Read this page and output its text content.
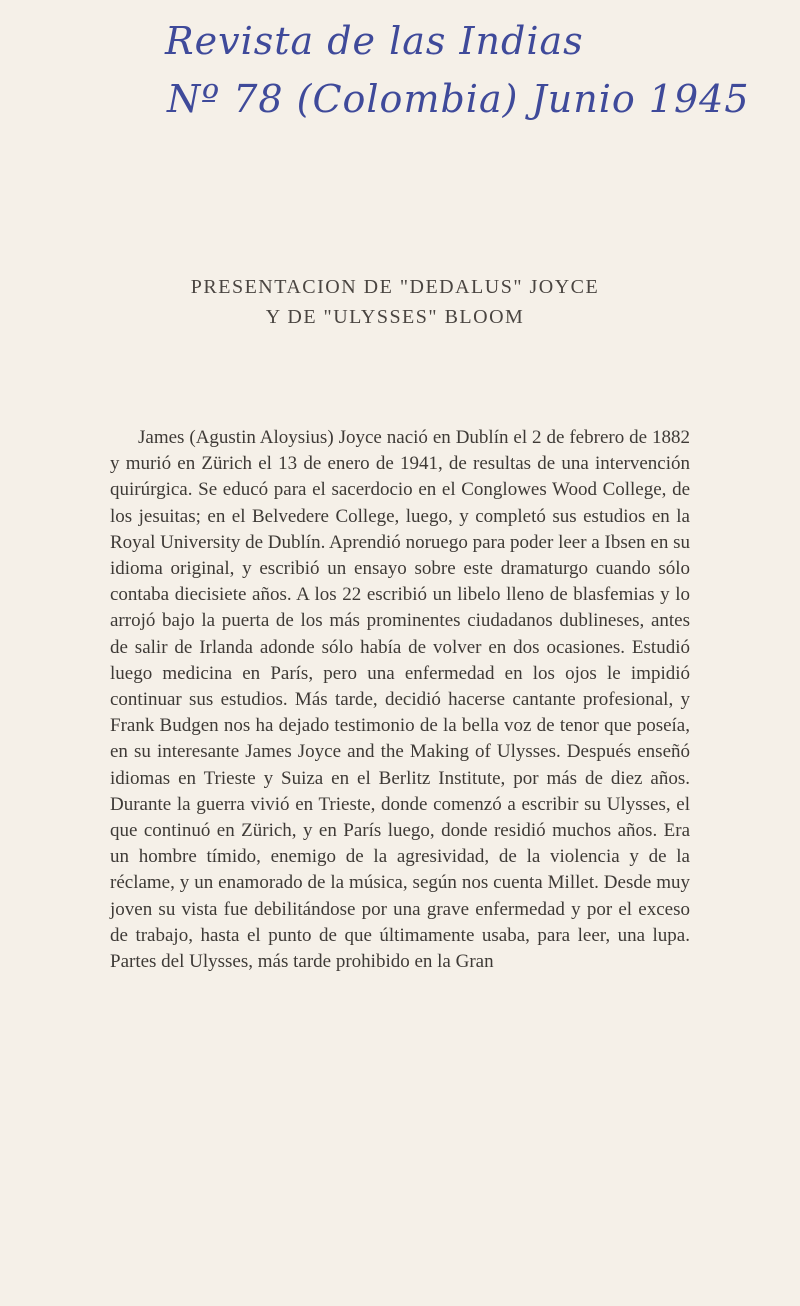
Revista de las Indias
Nº 78 (Colombia) Junio 1945
PRESENTACION DE "DEDALUS" JOYCE
Y DE "ULYSSES" BLOOM

James (Agustin Aloysius) Joyce nació en Dublín el 2 de febrero de 1882 y murió en Zürich el 13 de enero de 1941, de resultas de una intervención quirúrgica. Se educó para el sacerdocio en el Conglowes Wood College, de los jesuitas; en el Belvedere College, luego, y completó sus estudios en la Royal University de Dublín. Aprendió noruego para poder leer a Ibsen en su idioma original, y escribió un ensayo sobre este dramaturgo cuando sólo contaba diecisiete años. A los 22 escribió un libelo lleno de blasfemias y lo arrojó bajo la puerta de los más prominentes ciudadanos dublineses, antes de salir de Irlanda adonde sólo había de volver en dos ocasiones. Estudió luego medicina en París, pero una enfermedad en los ojos le impidió continuar sus estudios. Más tarde, decidió hacerse cantante profesional, y Frank Budgen nos ha dejado testimonio de la bella voz de tenor que poseía, en su interesante James Joyce and the Making of Ulysses. Después enseñó idiomas en Trieste y Suiza en el Berlitz Institute, por más de diez años. Durante la guerra vivió en Trieste, donde comenzó a escribir su Ulysses, el que continuó en Zürich, y en París luego, donde residió muchos años. Era un hombre tímido, enemigo de la agresividad, de la violencia y de la réclame, y un enamorado de la música, según nos cuenta Millet. Desde muy joven su vista fue debilitándose por una grave enfermedad y por el exceso de trabajo, hasta el punto de que últimamente usaba, para leer, una lupa. Partes del Ulysses, más tarde prohibido en la Gran
